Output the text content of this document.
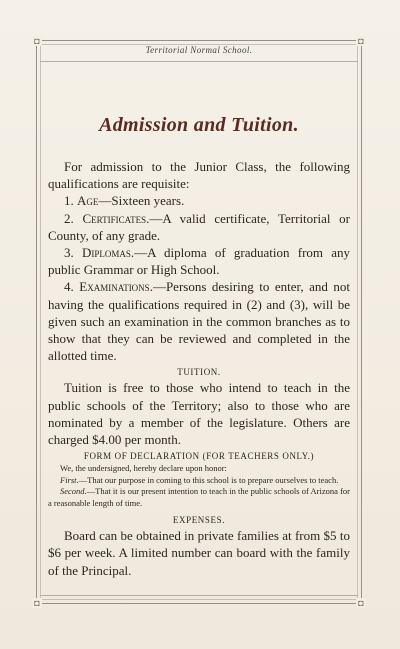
◘	◘
◘	◘
Territorial Normal School.
Admission and Tuition.

For admission to the Junior Class, the following qualifications are requisite:

1. Age—Sixteen years.

2. Certificates.—A valid certificate, Territorial or County, of any grade.

3. Diplomas.—A diploma of graduation from any public Grammar or High School.

4. Examinations.—Persons desiring to enter, and not having the qualifications required in (2) and (3), will be given such an examination in the common branches as to show that they can be reviewed and completed in the allotted time.

TUITION.

Tuition is free to those who intend to teach in the public schools of the Territory; also to those who are nominated by a member of the legislature. Others are charged $4.00 per month.

FORM OF DECLARATION (FOR TEACHERS ONLY.)

We, the undersigned, hereby declare upon honor:

First.—That our purpose in coming to this school is to prepare ourselves to teach.

Second.—That it is our present intention to teach in the public schools of Arizona for a reasonable length of time.

EXPENSES.

Board can be obtained in private families at from $5 to $6 per week. A limited number can board with the family of the Principal.
